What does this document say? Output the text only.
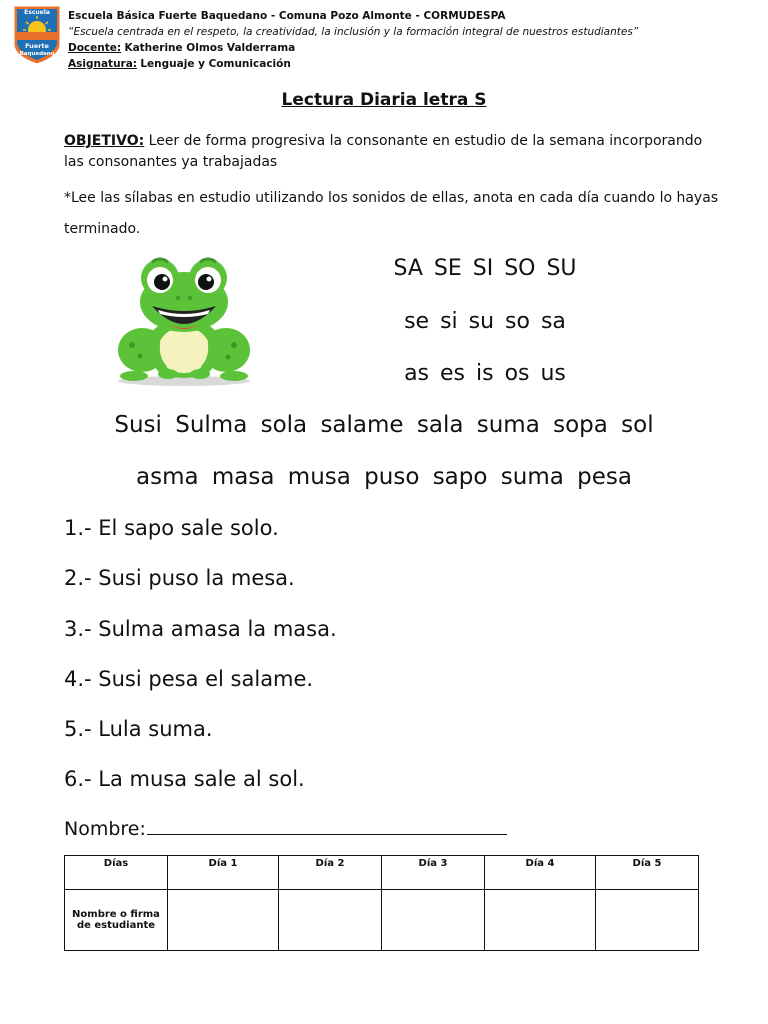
Escuela
Fuerte
Baquedano
Escuela Básica Fuerte Baquedano - Comuna Pozo Almonte - CORMUDESPA
“Escuela centrada en el respeto, la creatividad, la inclusión y la formación integral de nuestros estudiantes”
Docente: Katherine Olmos Valderrama
Asignatura: Lenguaje y Comunicación
Lectura Diaria letra S
OBJETIVO: Leer de forma progresiva la consonante en estudio de la semana incorporando las consonantes ya trabajadas
*Lee las sílabas en estudio utilizando los sonidos de ellas, anota en cada día cuando lo hayas terminado.
SA SE SI SO SU
se si su so sa
as es is os us
Susi Sulma sola salame sala suma sopa sol
asma masa musa puso sapo suma pesa
1.- El sapo sale solo.
2.- Susi puso la mesa.
3.- Sulma amasa la masa.
4.- Susi pesa el salame.
5.- Lula suma.
6.- La musa sale al sol.
Nombre:
Días	Día 1	Día 2	Día 3	Día 4	Día 5
Nombre o firma de estudiante					
